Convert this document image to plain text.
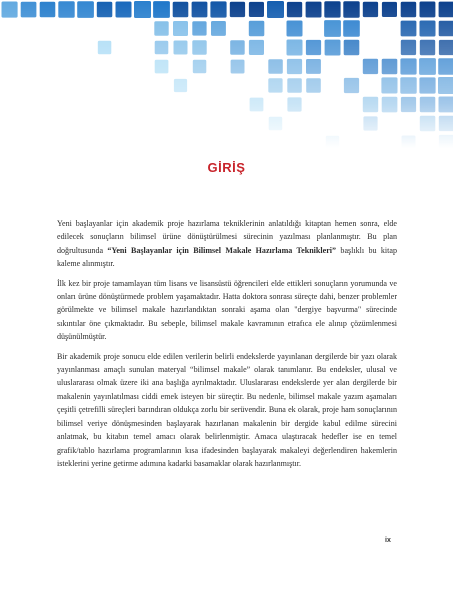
GİRİŞ

Yeni başlayanlar için akademik proje hazırlama tekniklerinin anlatıldığı kitaptan hemen sonra, elde edilecek sonuçların bilimsel ürüne dönüştürülmesi sürecinin yazılması planlanmıştır. Bu plan doğrultusunda “Yeni Başlayanlar için Bilimsel Makale Hazırlama Teknikleri” başlıklı bu kitap kaleme alınmıştır.

İlk kez bir proje tamamlayan tüm lisans ve lisansüstü öğrencileri elde ettikleri sonuçların yorumunda ve onları ürüne dönüştürmede problem yaşamaktadır. Hatta doktora sonrası süreçte dahi, benzer problemler görülmekte ve bilimsel makale hazırlandıktan sonraki aşama olan "dergiye başvurma" sürecinde sıkıntılar öne çıkmaktadır. Bu sebeple, bilimsel makale kavramının etrafıca ele alınıp çözümlenmesi düşünülmüştür.

Bir akademik proje sonucu elde edilen verilerin belirli endekslerde yayınlanan dergilerde bir yazı olarak yayınlanması amaçlı sunulan materyal “bilimsel makale” olarak tanımlanır. Bu endeksler, ulusal ve uluslararası olmak üzere iki ana başlığa ayrılmaktadır. Uluslararası endekslerde yer alan dergilerde bir makalenin yayınlatılması ciddi emek isteyen bir süreçtir. Bu nedenle, bilimsel makale yazım aşamaları çeşitli çetrefilli süreçleri barındıran oldukça zorlu bir serüvendir. Buna ek olarak, proje ham sonuçlarının bilimsel veriye dönüşmesinden başlayarak hazırlanan makalenin bir dergide kabul edilme sürecini anlatmak, bu kitabın temel amacı olarak belirlenmiştir. Amaca ulaştıracak hedefler ise en temel grafik/tablo hazırlama programlarının kısa ifadesinden başlayarak makaleyi değerlendiren hakemlerin isteklerini yerine getirme adımına kadarki basamaklar olarak hazırlanmıştır.

ix
